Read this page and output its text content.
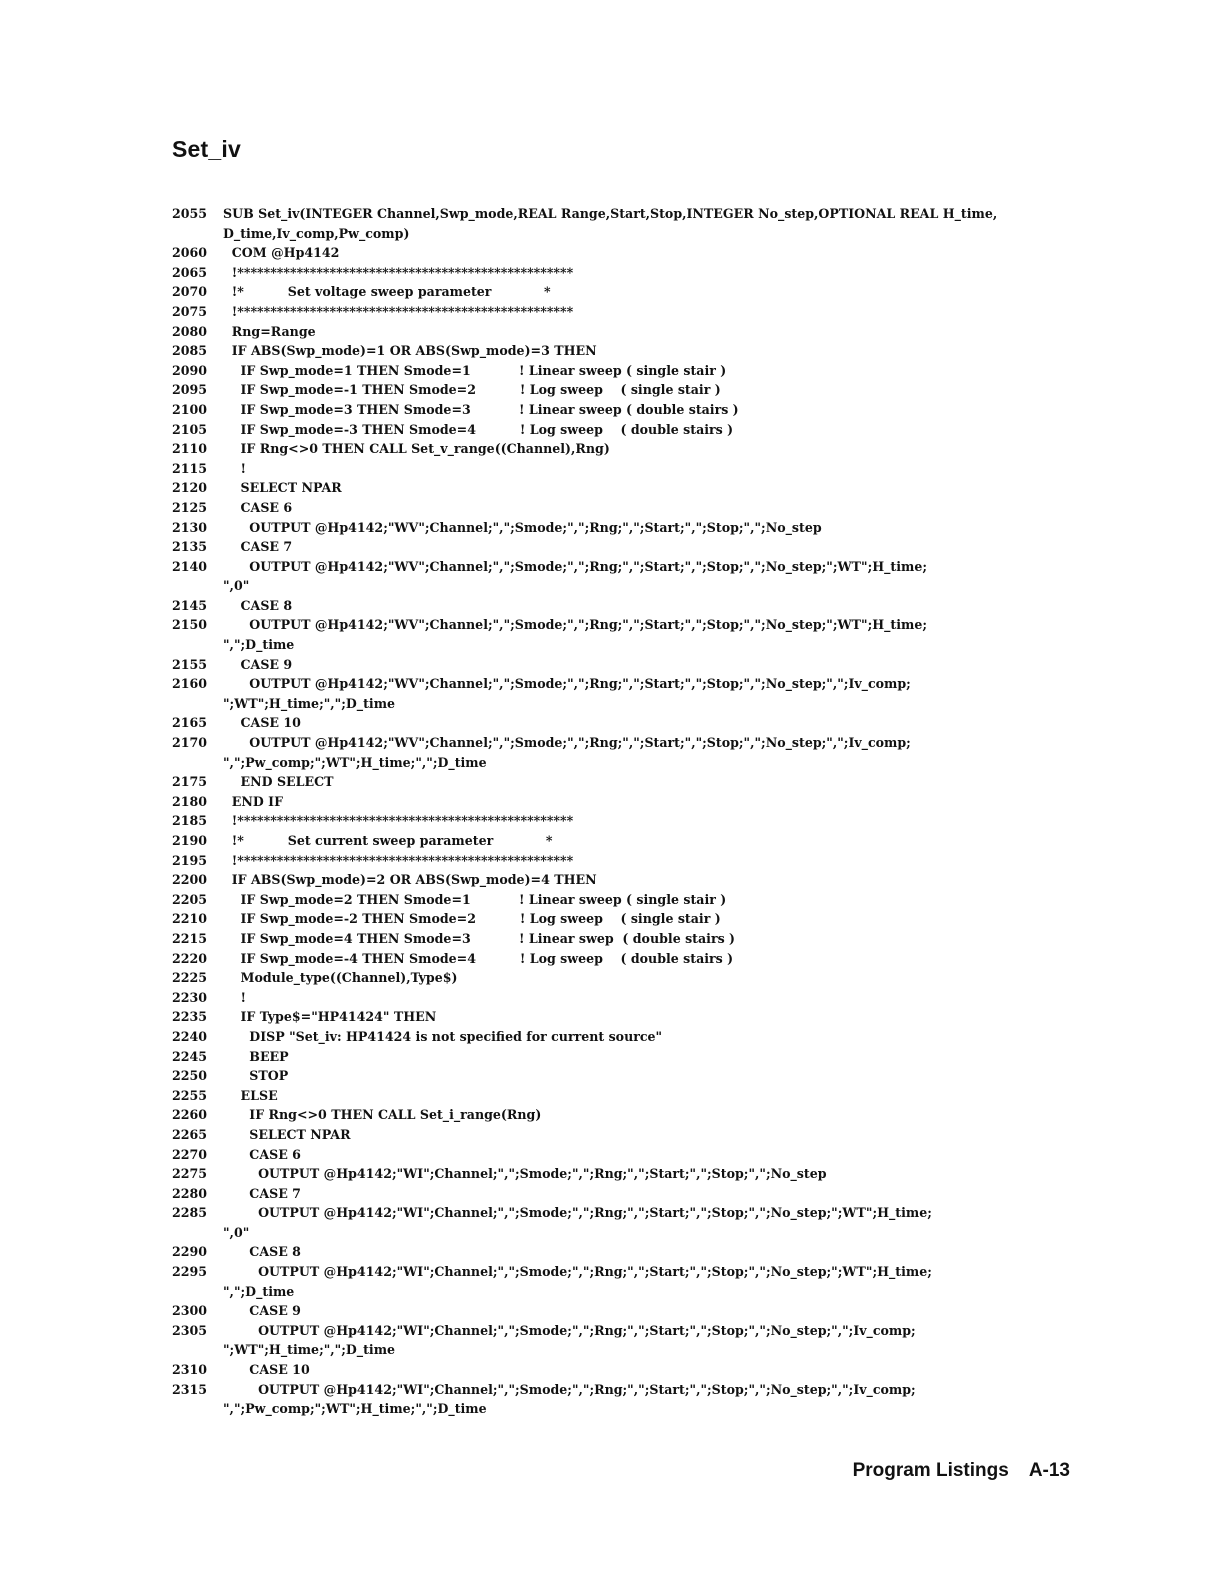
Set_iv
2055 SUB Set_iv(INTEGER Channel,Swp_mode,REAL Range,Start,Stop,INTEGER No_step,OPTIONAL REAL H_time,
D_time,Iv_comp,Pw_comp)
2060  COM @Hp4142
2065  !***************************************************
2070  !*          Set voltage sweep parameter            *
2075  !***************************************************
2080  Rng=Range
2085  IF ABS(Swp_mode)=1 OR ABS(Swp_mode)=3 THEN
2090    IF Swp_mode=1 THEN Smode=1           ! Linear sweep ( single stair )
2095    IF Swp_mode=-1 THEN Smode=2          ! Log sweep    ( single stair )
2100    IF Swp_mode=3 THEN Smode=3           ! Linear sweep ( double stairs )
2105    IF Swp_mode=-3 THEN Smode=4          ! Log sweep    ( double stairs )
2110    IF Rng<>0 THEN CALL Set_v_range((Channel),Rng)
2115    !
2120    SELECT NPAR
2125    CASE 6
2130      OUTPUT @Hp4142;"WV";Channel;",";Smode;",";Rng;",";Start;",";Stop;",";No_step
2135    CASE 7
2140      OUTPUT @Hp4142;"WV";Channel;",";Smode;",";Rng;",";Start;",";Stop;",";No_step;";WT";H_time;
",0"
2145    CASE 8
2150      OUTPUT @Hp4142;"WV";Channel;",";Smode;",";Rng;",";Start;",";Stop;",";No_step;";WT";H_time;
",";D_time
2155    CASE 9
2160      OUTPUT @Hp4142;"WV";Channel;",";Smode;",";Rng;",";Start;",";Stop;",";No_step;",";Iv_comp;
";WT";H_time;",";D_time
2165    CASE 10
2170      OUTPUT @Hp4142;"WV";Channel;",";Smode;",";Rng;",";Start;",";Stop;",";No_step;",";Iv_comp;
",";Pw_comp;";WT";H_time;",";D_time
2175    END SELECT
2180  END IF
2185  !***************************************************
2190  !*          Set current sweep parameter            *
2195  !***************************************************
2200  IF ABS(Swp_mode)=2 OR ABS(Swp_mode)=4 THEN
2205    IF Swp_mode=2 THEN Smode=1           ! Linear sweep ( single stair )
2210    IF Swp_mode=-2 THEN Smode=2          ! Log sweep    ( single stair )
2215    IF Swp_mode=4 THEN Smode=3           ! Linear swep  ( double stairs )
2220    IF Swp_mode=-4 THEN Smode=4          ! Log sweep    ( double stairs )
2225    Module_type((Channel),Type$)
2230    !
2235    IF Type$="HP41424" THEN
2240      DISP "Set_iv: HP41424 is not specified for current source"
2245      BEEP
2250      STOP
2255    ELSE
2260      IF Rng<>0 THEN CALL Set_i_range(Rng)
2265      SELECT NPAR
2270      CASE 6
2275        OUTPUT @Hp4142;"WI";Channel;",";Smode;",";Rng;",";Start;",";Stop;",";No_step
2280      CASE 7
2285        OUTPUT @Hp4142;"WI";Channel;",";Smode;",";Rng;",";Start;",";Stop;",";No_step;";WT";H_time;
",0"
2290      CASE 8
2295        OUTPUT @Hp4142;"WI";Channel;",";Smode;",";Rng;",";Start;",";Stop;",";No_step;";WT";H_time;
",";D_time
2300      CASE 9
2305        OUTPUT @Hp4142;"WI";Channel;",";Smode;",";Rng;",";Start;",";Stop;",";No_step;",";Iv_comp;
";WT";H_time;",";D_time
2310      CASE 10
2315        OUTPUT @Hp4142;"WI";Channel;",";Smode;",";Rng;",";Start;",";Stop;",";No_step;",";Iv_comp;
",";Pw_comp;";WT";H_time;",";D_time
Program Listings A-13
